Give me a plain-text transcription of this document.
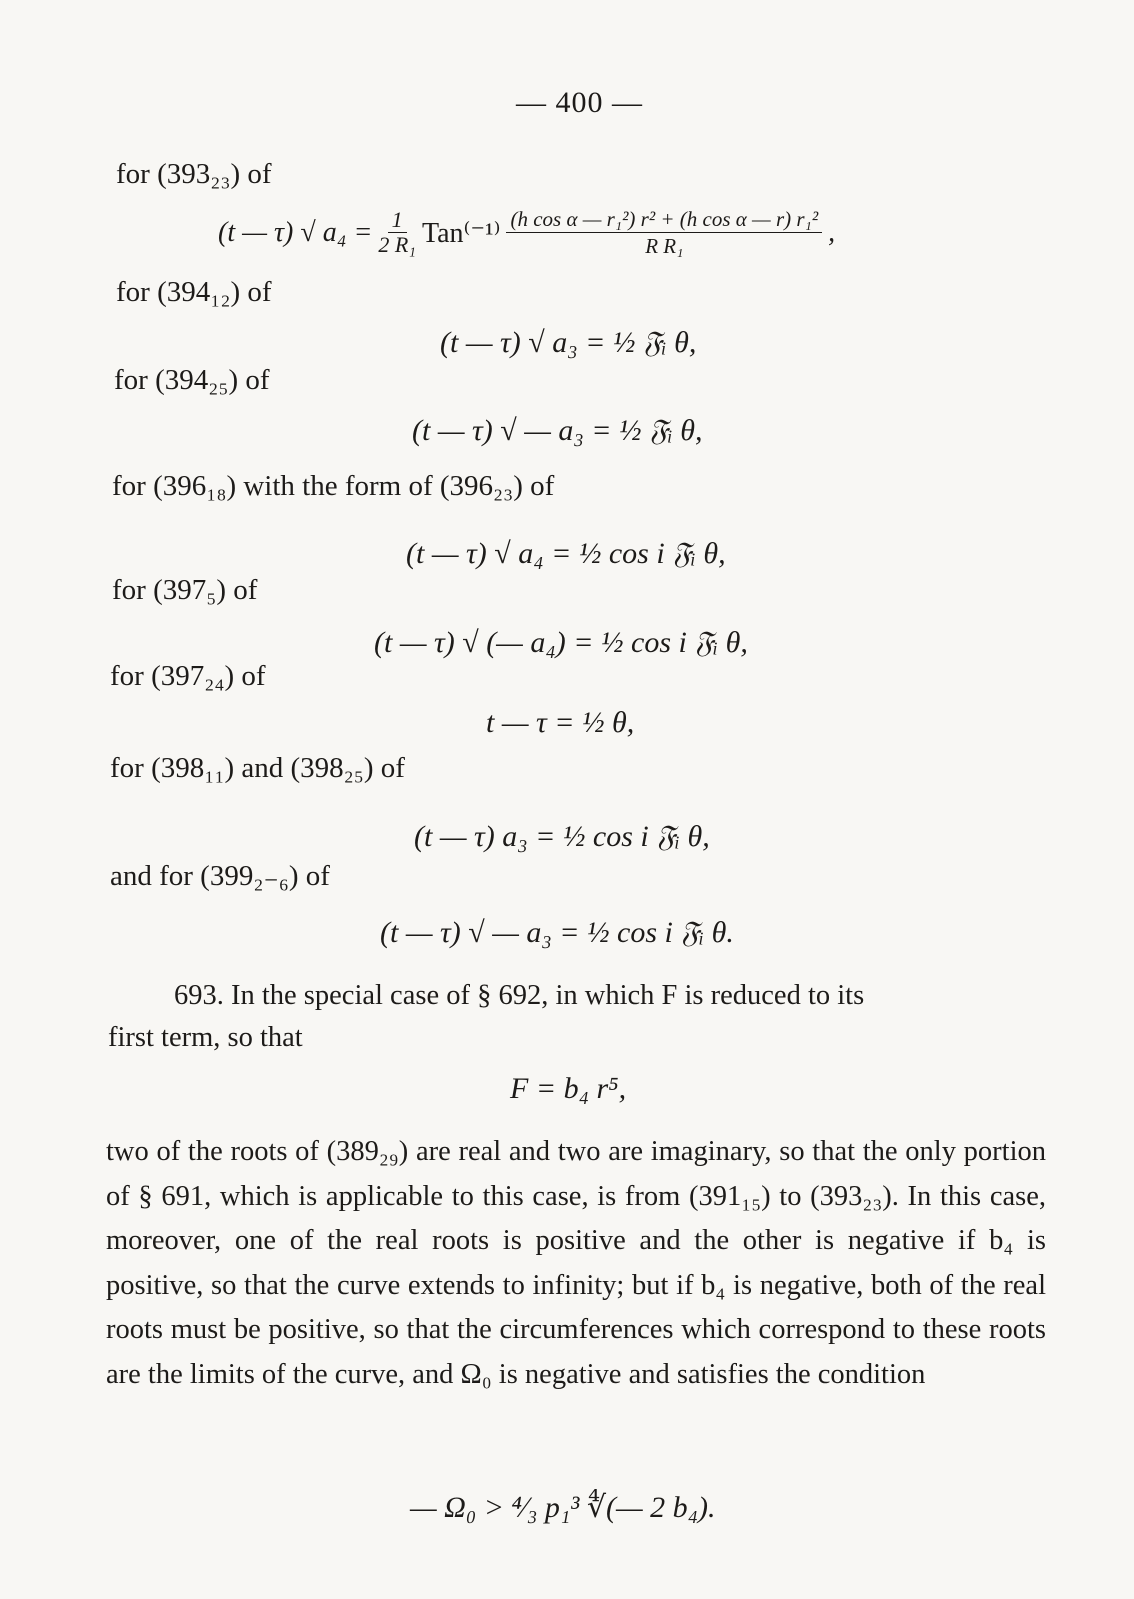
— 400 —
for (393₂₃) of
(t — τ) √ $a_4 = \frac{1}{\text{2 R₁}} Tan^{(-1)} \frac{\text{(h cos α — r₁²) r² + (h cos α — r) r₁²}}{\text{R R₁}}$ ,
for (394₁₂) of
(t — τ) √ a₃ = ½ 𝔉ᵢ θ,
for (394₂₅) of
(t — τ) √ — a₃ = ½ 𝔉ᵢ θ,
for (396₁₈) with the form of (396₂₃) of
(t — τ) √ a₄ = ½ cos i 𝔉ᵢ θ,
for (397₅) of
(t — τ) √ (— a₄) = ½ cos i 𝔉ᵢ θ,
for (397₂₄) of
t — τ = ½ θ,
for (398₁₁) and (398₂₅) of
(t — τ) a₃ = ½ cos i 𝔉ᵢ θ,
and for (399₂₋₆) of
(t — τ) √ — a₃ = ½ cos i 𝔉ᵢ θ.
693. In the special case of § 692, in which F is reduced to its
first term, so that
F = b₄ r⁵,
two of the roots of (389₂₉) are real and two are imaginary, so that the only portion of § 691, which is applicable to this case, is from (391₁₅) to (393₂₃). In this case, moreover, one of the real roots is positive and the other is negative if b₄ is positive, so that the curve extends to infinity; but if b₄ is negative, both of the real roots must be positive, so that the circumferences which correspond to these roots are the limits of the curve, and Ω₀ is negative and satisfies the condition
— Ω₀ > ⁴⁄₃ p₁³ ∜(— 2 b₄).
